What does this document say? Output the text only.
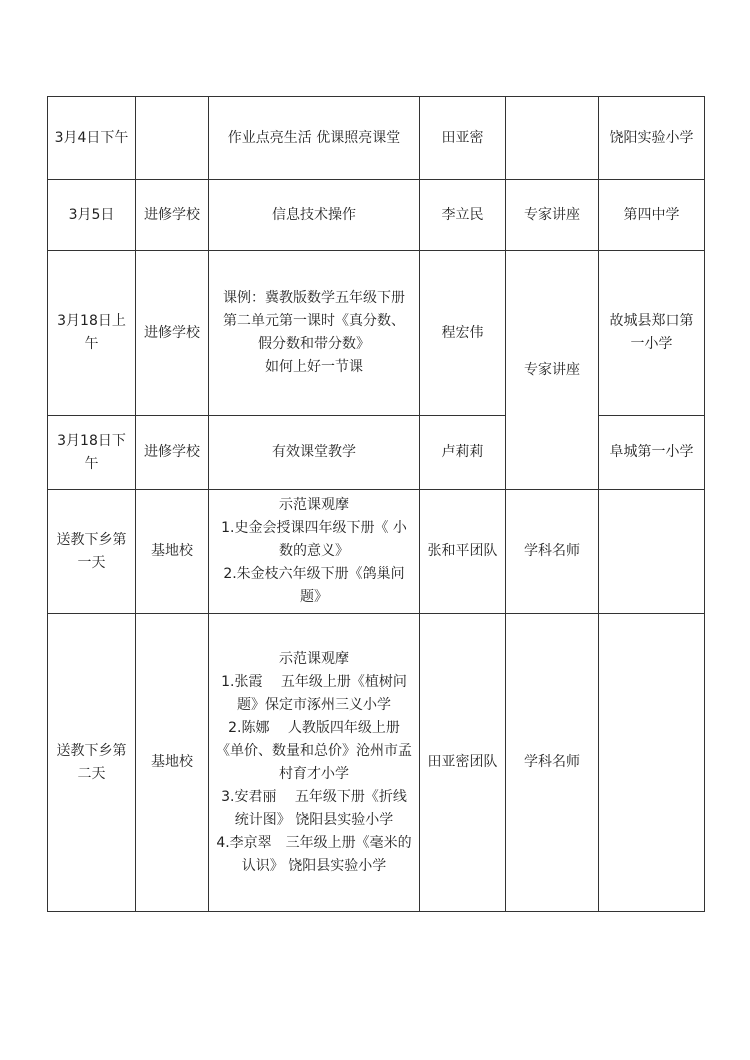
3月4日下午		作业点亮生活 优课照亮课堂	田亚密		饶阳实验小学
3月5日	进修学校	信息技术操作	李立民	专家讲座	第四中学
3月18日上午	进修学校	课例：冀教版数学五年级下册
第二单元第一课时《真分数、
假分数和带分数》
如何上好一节课	程宏伟	专家讲座	故城县郑口第一小学
3月18日下午	进修学校	有效课堂教学	卢莉莉		阜城第一小学
送教下乡第一天	基地校	示范课观摩
1.史金会授课四年级下册《 小数的意义》
2.朱金枝六年级下册《鸽巢问题》	张和平团队	学科名师	
送教下乡第二天	基地校	示范课观摩
1.张霞　 五年级上册《植树问题》保定市涿州三义小学
2.陈娜　 人教版四年级上册《单价、数量和总价》沧州市孟村育才小学
3.安君丽　 五年级下册《折线统计图》 饶阳县实验小学
4.李京翠　三年级上册《毫米的认识》 饶阳县实验小学	田亚密团队	学科名师	
